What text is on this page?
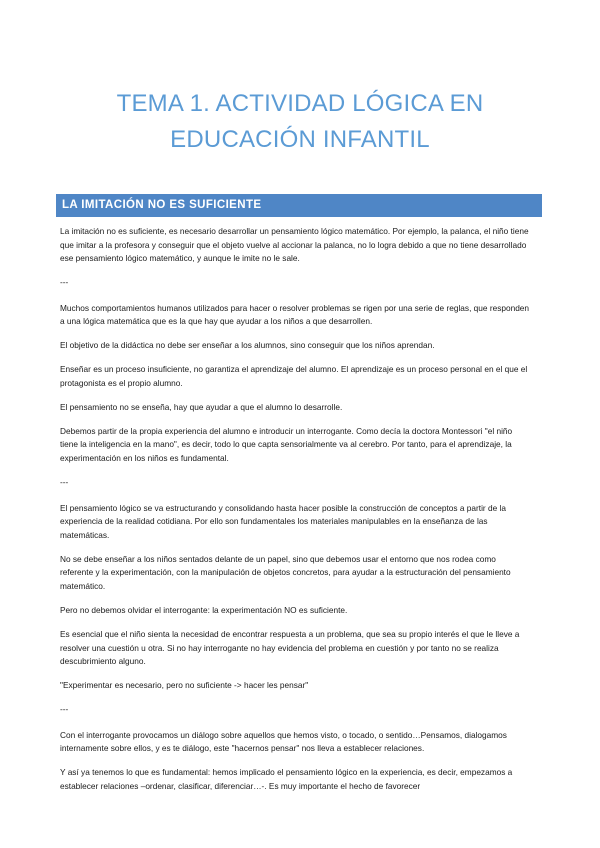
TEMA 1. ACTIVIDAD LÓGICA EN EDUCACIÓN INFANTIL
LA IMITACIÓN NO ES SUFICIENTE

La imitación no es suficiente, es necesario desarrollar un pensamiento lógico matemático. Por ejemplo, la palanca, el niño tiene que imitar a la profesora y conseguir que el objeto vuelve al accionar la palanca, no lo logra debido a que no tiene desarrollado ese pensamiento lógico matemático, y aunque le imite no le sale.

---

Muchos comportamientos humanos utilizados para hacer o resolver problemas se rigen por una serie de reglas, que responden a una lógica matemática que es la que hay que ayudar a los niños a que desarrollen.

El objetivo de la didáctica no debe ser enseñar a los alumnos, sino conseguir que los niños aprendan.

Enseñar es un proceso insuficiente, no garantiza el aprendizaje del alumno. El aprendizaje es un proceso personal en el que el protagonista es el propio alumno.

El pensamiento no se enseña, hay que ayudar a que el alumno lo desarrolle.

Debemos partir de la propia experiencia del alumno e introducir un interrogante. Como decía la doctora Montessori "el niño tiene la inteligencia en la mano", es decir, todo lo que capta sensorialmente va al cerebro. Por tanto, para el aprendizaje, la experimentación en los niños es fundamental.

---

El pensamiento lógico se va estructurando y consolidando hasta hacer posible la construcción de conceptos a partir de la experiencia de la realidad cotidiana. Por ello son fundamentales los materiales manipulables en la enseñanza de las matemáticas.

No se debe enseñar a los niños sentados delante de un papel, sino que debemos usar el entorno que nos rodea como referente y la experimentación, con la manipulación de objetos concretos, para ayudar a la estructuración del pensamiento matemático.

Pero no debemos olvidar el interrogante: la experimentación NO es suficiente.

Es esencial que el niño sienta la necesidad de encontrar respuesta a un problema, que sea su propio interés el que le lleve a resolver una cuestión u otra. Si no hay interrogante no hay evidencia del problema en cuestión y por tanto no se realiza descubrimiento alguno.

"Experimentar es necesario, pero no suficiente -> hacer les pensar"

---

Con el interrogante provocamos un diálogo sobre aquellos que hemos visto, o tocado, o sentido…Pensamos, dialogamos internamente sobre ellos, y es te diálogo, este "hacernos pensar" nos lleva a establecer relaciones.

Y así ya tenemos lo que es fundamental: hemos implicado el pensamiento lógico en la experiencia, es decir, empezamos a establecer relaciones –ordenar, clasificar, diferenciar…-. Es muy importante el hecho de favorecer
